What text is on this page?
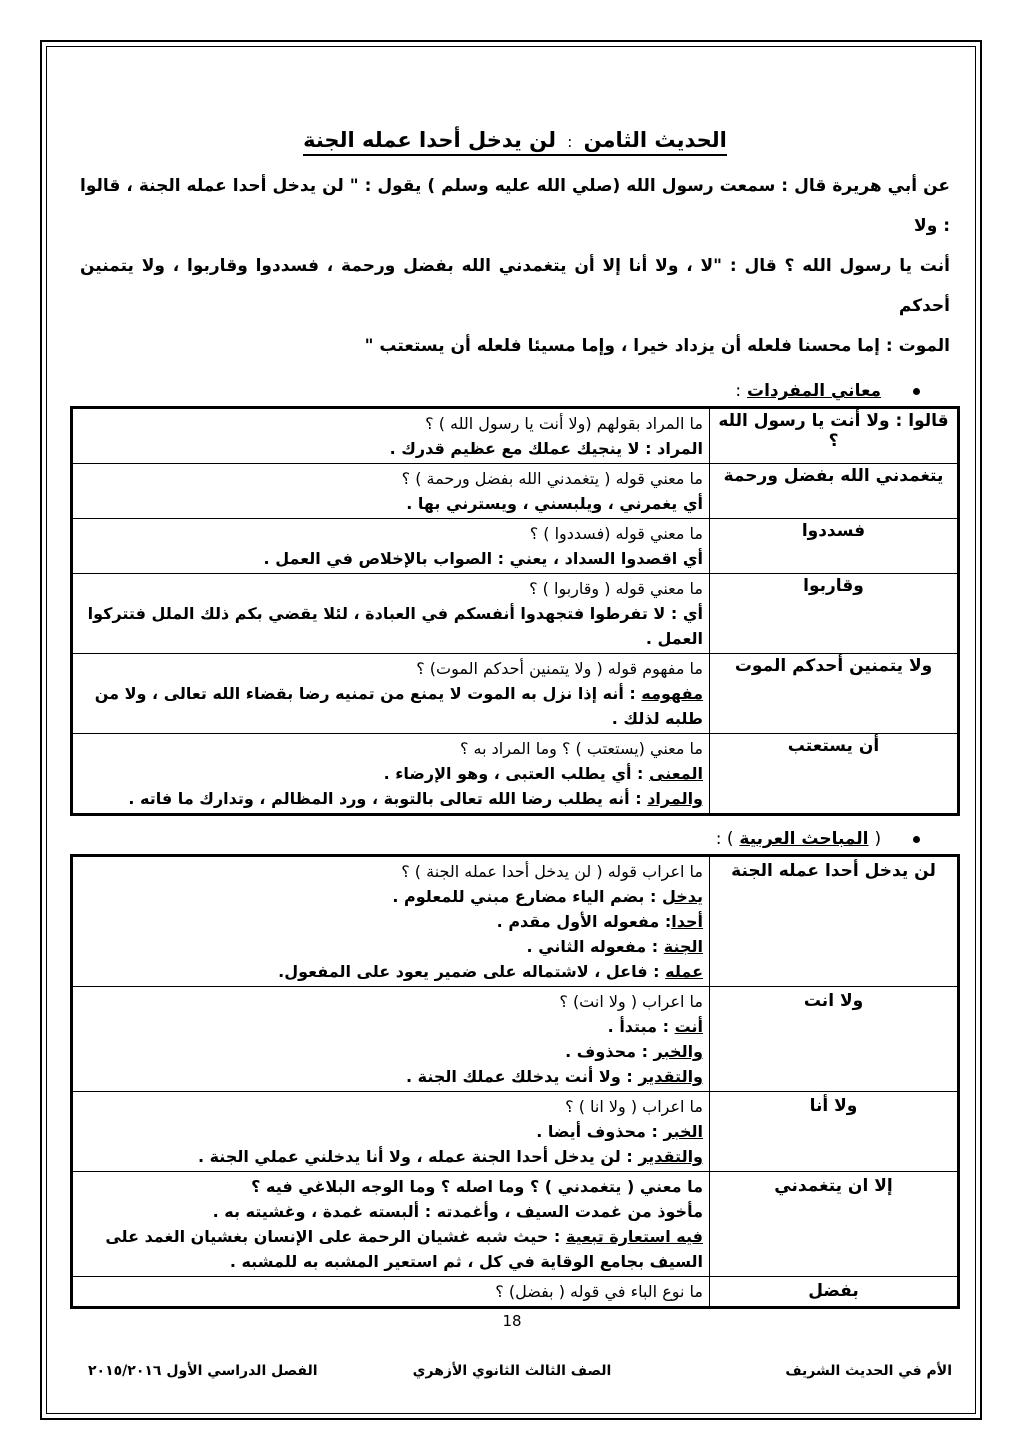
الحديث الثامن : لن يدخل أحدا عمله الجنة
عن أبي هريرة قال : سمعت رسول الله (صلي الله عليه وسلم ) يقول : " لن يدخل أحدا عمله الجنة ، قالوا : ولا
أنت يا رسول الله ؟ قال : "لا ، ولا أنا إلا أن يتغمدني الله بفضل ورحمة ، فسددوا وقاربوا ، ولا يتمنين أحدكم
الموت : إما محسنا فلعله أن يزداد خيرا ، وإما مسيئا فلعله أن يستعتب "
معاني المفردات :
قالوا : ولا أنت يا رسول الله ؟	ما المراد بقولهم (ولا أنت يا رسول الله ) ؟
المراد : لا ينجيك عملك مع عظيم قدرك .

يتغمدني الله بفضل ورحمة	ما معني قوله ( يتغمدني الله بفضل ورحمة ) ؟
أي يغمرني ، ويلبسني ، ويسترني بها .

فسددوا	ما معني قوله (فسددوا ) ؟
أي اقصدوا السداد ، يعني : الصواب بالإخلاص في العمل .

وقاربوا	ما معني قوله ( وقاربوا ) ؟
أي : لا تفرطوا فتجهدوا أنفسكم في العبادة ، لئلا يقضي بكم ذلك الملل فتتركوا العمل .

ولا يتمنين أحدكم الموت	ما مفهوم قوله ( ولا يتمنين أحدكم الموت) ؟
مفهومه : أنه إذا نزل به الموت لا يمنع من تمنيه رضا بقضاء الله تعالى ، ولا من طلبه لذلك .

أن يستعتب	ما معني (يستعتب ) ؟ وما المراد به ؟
المعنى : أي يطلب العتبى ، وهو الإرضاء .
والمراد : أنه يطلب رضا الله تعالى بالتوبة ، ورد المظالم ، وتدارك ما فاته .
( المباحث العربية ) :
لن يدخل أحدا عمله الجنة	ما اعراب قوله ( لن يدخل أحدا عمله الجنة ) ؟
يدخل : بضم الياء مضارع مبني للمعلوم .
أحدا: مفعوله الأول مقدم .
الجنة : مفعوله الثاني .
عمله : فاعل ، لاشتماله على ضمير يعود على المفعول.

ولا انت	ما اعراب ( ولا انت) ؟
أنت : مبتدأ .
والخبر : محذوف .
والتقدير : ولا أنت يدخلك عملك الجنة .

ولا أنا	ما اعراب ( ولا انا ) ؟
الخبر : محذوف أيضا .
والتقدير : لن يدخل أحدا الجنة عمله ، ولا أنا يدخلني عملي الجنة .

إلا ان يتغمدني	ما معني ( يتغمدني ) ؟ وما اصله ؟ وما الوجه البلاغي فيه ؟
مأخوذ من غمدت السيف ، وأغمدته : ألبسته غمدة ، وغشيته به .
فيه استعارة تبعية : حيث شبه غشيان الرحمة على الإنسان بغشيان الغمد على السيف بجامع الوقاية في كل ، ثم استعير المشبه به للمشبه .

بفضل	ما نوع الباء في قوله ( بفضل) ؟
18
الأم في الحديث الشريف
الصف الثالث الثانوي الأزهري
الفصل الدراسي الأول ٢٠١٥/٢٠١٦
